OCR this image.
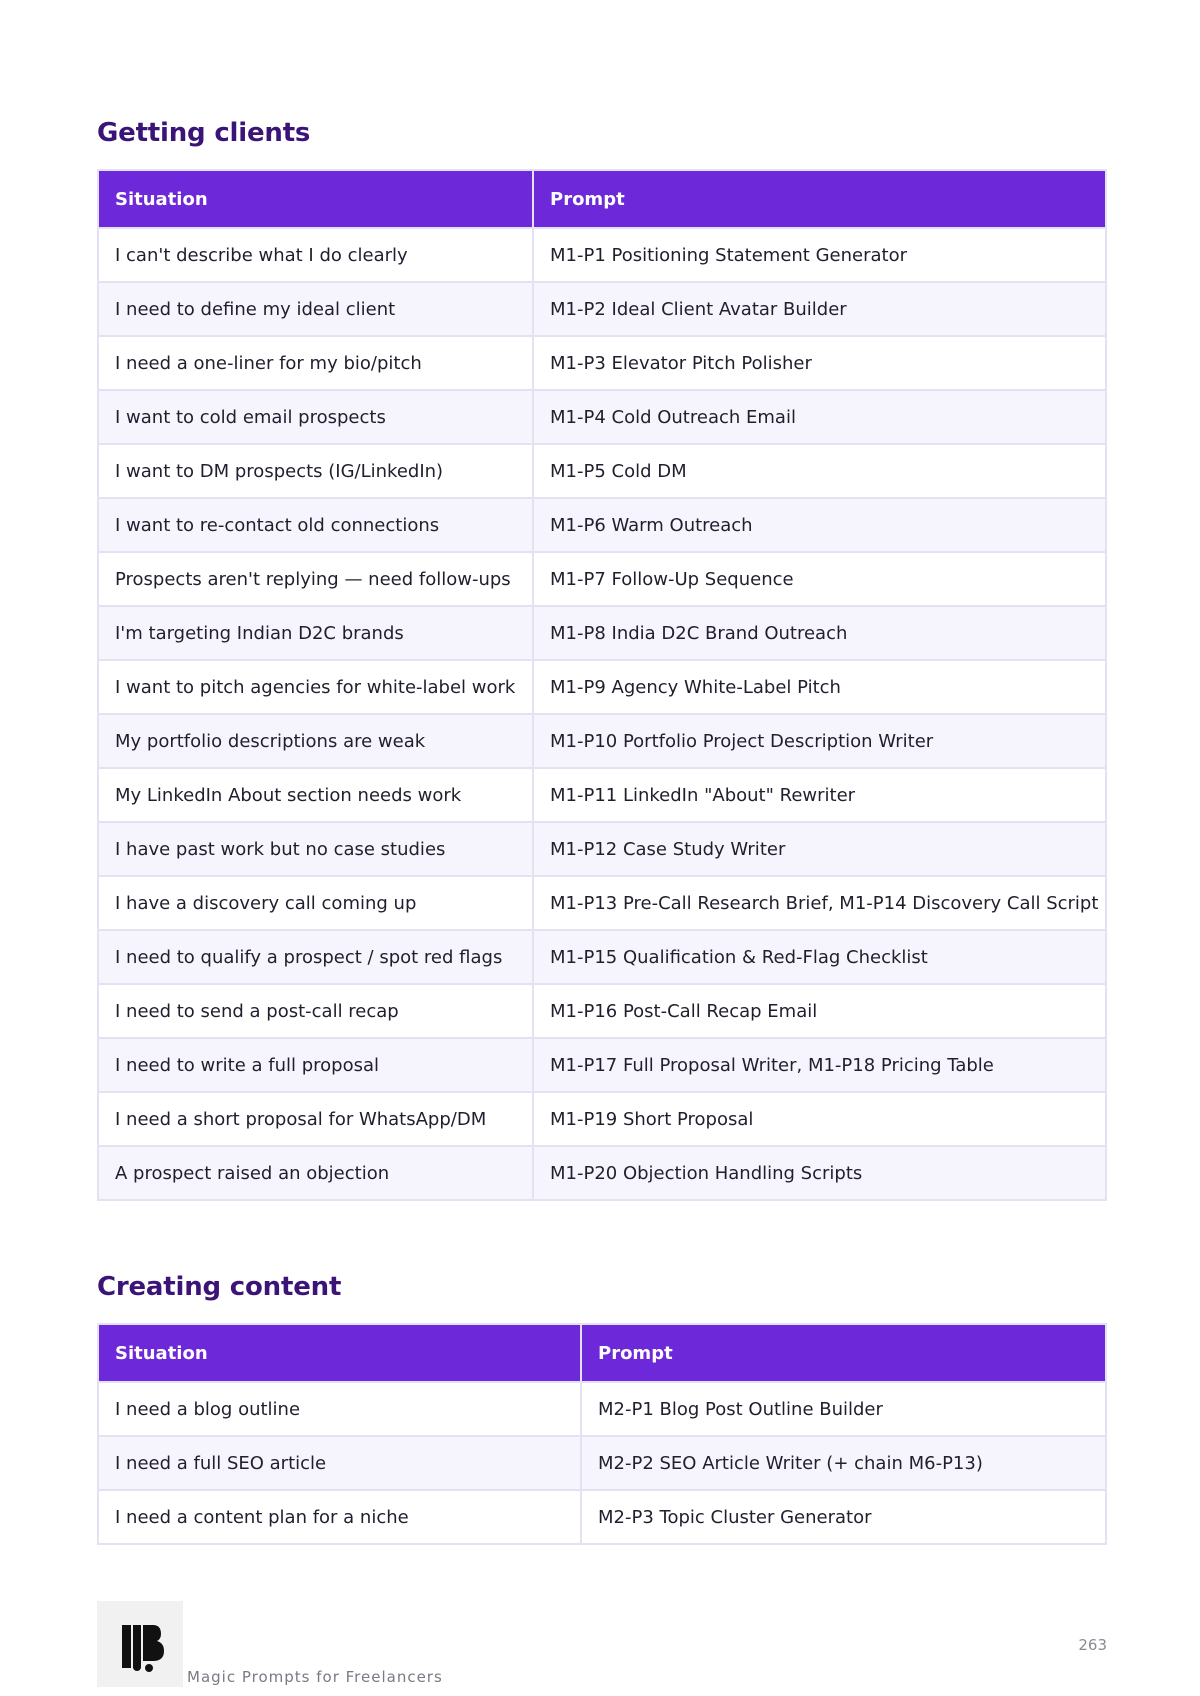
Getting clients
Situation	Prompt
I can't describe what I do clearly	M1-P1 Positioning Statement Generator
I need to define my ideal client	M1-P2 Ideal Client Avatar Builder
I need a one-liner for my bio/pitch	M1-P3 Elevator Pitch Polisher
I want to cold email prospects	M1-P4 Cold Outreach Email
I want to DM prospects (IG/LinkedIn)	M1-P5 Cold DM
I want to re-contact old connections	M1-P6 Warm Outreach
Prospects aren't replying — need follow-ups	M1-P7 Follow-Up Sequence
I'm targeting Indian D2C brands	M1-P8 India D2C Brand Outreach
I want to pitch agencies for white-label work	M1-P9 Agency White-Label Pitch
My portfolio descriptions are weak	M1-P10 Portfolio Project Description Writer
My LinkedIn About section needs work	M1-P11 LinkedIn "About" Rewriter
I have past work but no case studies	M1-P12 Case Study Writer
I have a discovery call coming up	M1-P13 Pre-Call Research Brief, M1-P14 Discovery Call Script
I need to qualify a prospect / spot red flags	M1-P15 Qualification & Red-Flag Checklist
I need to send a post-call recap	M1-P16 Post-Call Recap Email
I need to write a full proposal	M1-P17 Full Proposal Writer, M1-P18 Pricing Table
I need a short proposal for WhatsApp/DM	M1-P19 Short Proposal
A prospect raised an objection	M1-P20 Objection Handling Scripts
Creating content
Situation	Prompt
I need a blog outline	M2-P1 Blog Post Outline Builder
I need a full SEO article	M2-P2 SEO Article Writer (+ chain M6-P13)
I need a content plan for a niche	M2-P3 Topic Cluster Generator
Magic Prompts for Freelancers
263
